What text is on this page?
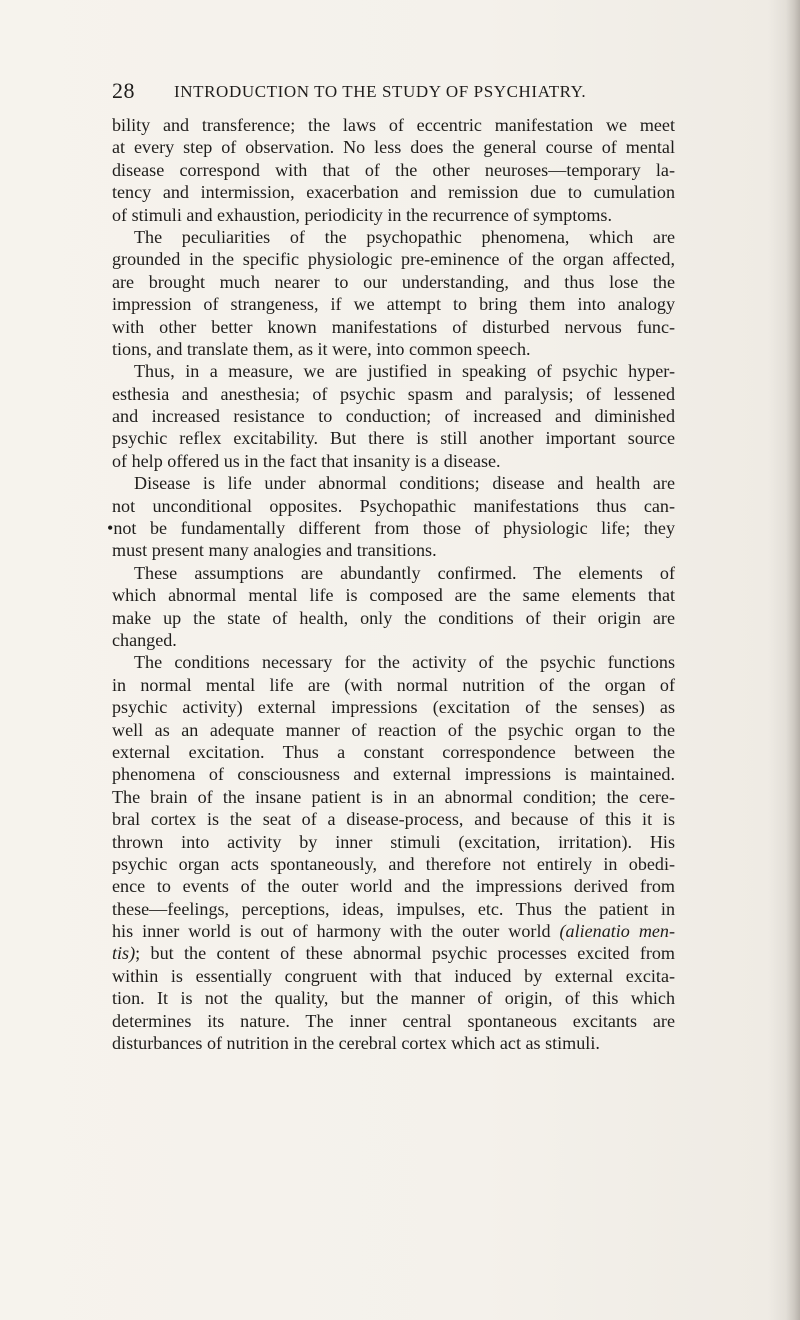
28 INTRODUCTION TO THE STUDY OF PSYCHIATRY.
bility and transference; the laws of eccentric manifestation we meet
at every step of observation. No less does the general course of mental
disease correspond with that of the other neuroses—temporary la-
tency and intermission, exacerbation and remission due to cumulation
of stimuli and exhaustion, periodicity in the recurrence of symptoms.
The peculiarities of the psychopathic phenomena, which are
grounded in the specific physiologic pre-eminence of the organ affected,
are brought much nearer to our understanding, and thus lose the
impression of strangeness, if we attempt to bring them into analogy
with other better known manifestations of disturbed nervous func-
tions, and translate them, as it were, into common speech.
Thus, in a measure, we are justified in speaking of psychic hyper-
esthesia and anesthesia; of psychic spasm and paralysis; of lessened
and increased resistance to conduction; of increased and diminished
psychic reflex excitability. But there is still another important source
of help offered us in the fact that insanity is a disease.
Disease is life under abnormal conditions; disease and health are
not unconditional opposites. Psychopathic manifestations thus can-
•not be fundamentally different from those of physiologic life; they
must present many analogies and transitions.
These assumptions are abundantly confirmed. The elements of
which abnormal mental life is composed are the same elements that
make up the state of health, only the conditions of their origin are
changed.
The conditions necessary for the activity of the psychic functions
in normal mental life are (with normal nutrition of the organ of
psychic activity) external impressions (excitation of the senses) as
well as an adequate manner of reaction of the psychic organ to the
external excitation. Thus a constant correspondence between the
phenomena of consciousness and external impressions is maintained.
The brain of the insane patient is in an abnormal condition; the cere-
bral cortex is the seat of a disease-process, and because of this it is
thrown into activity by inner stimuli (excitation, irritation). His
psychic organ acts spontaneously, and therefore not entirely in obedi-
ence to events of the outer world and the impressions derived from
these—feelings, perceptions, ideas, impulses, etc. Thus the patient in
his inner world is out of harmony with the outer world (alienatio men-
tis); but the content of these abnormal psychic processes excited from
within is essentially congruent with that induced by external excita-
tion. It is not the quality, but the manner of origin, of this which
determines its nature. The inner central spontaneous excitants are
disturbances of nutrition in the cerebral cortex which act as stimuli.
